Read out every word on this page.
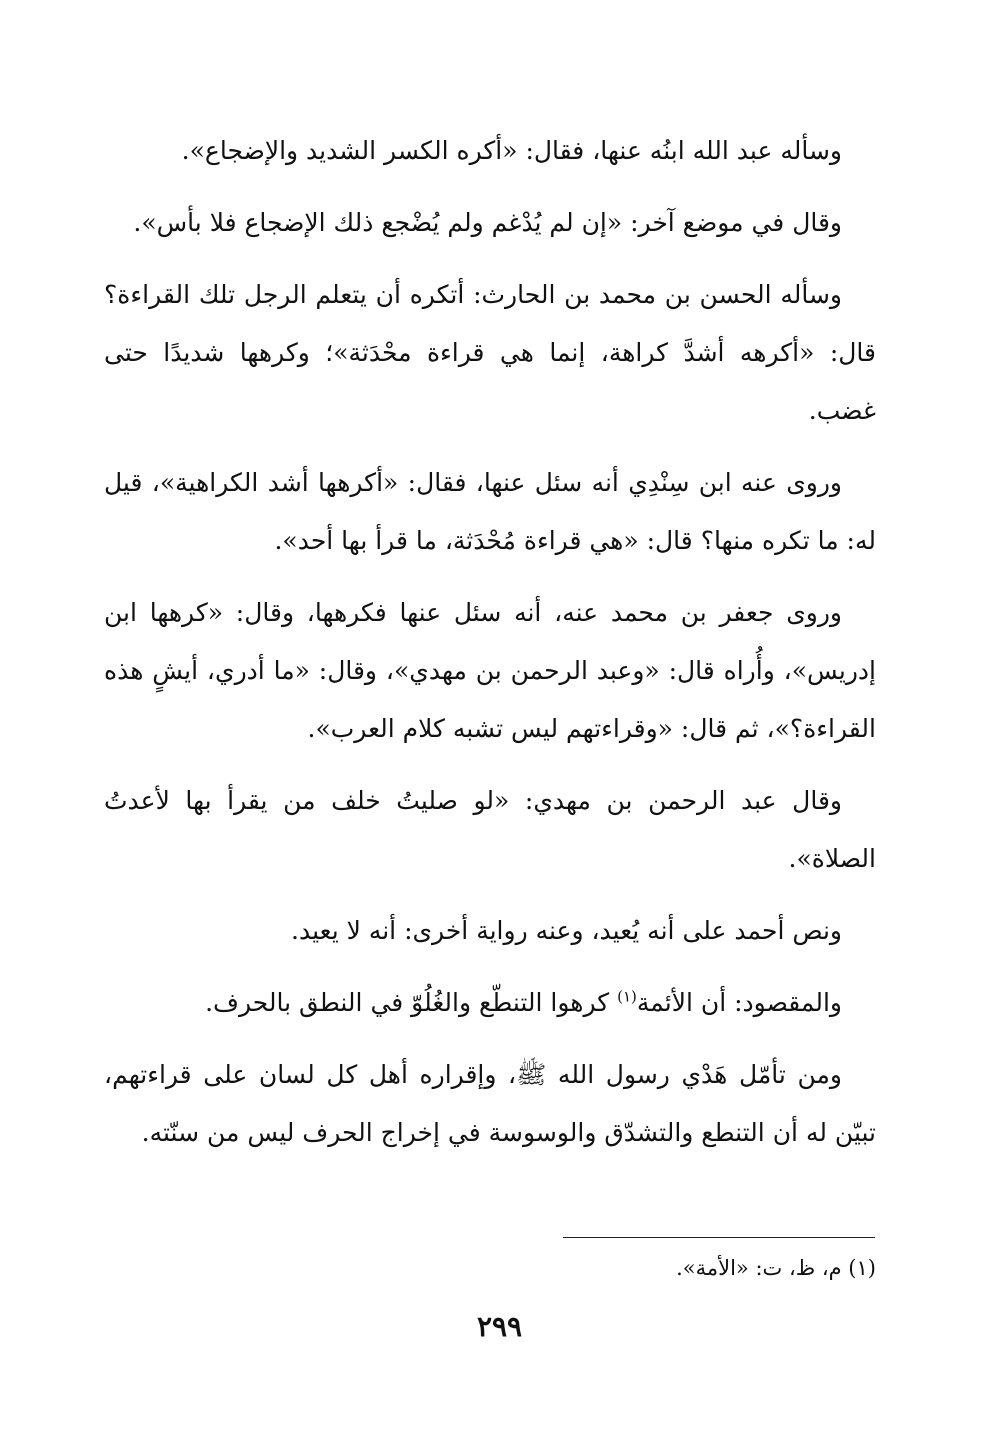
وسأله عبد الله ابنُه عنها، فقال: «أكره الكسر الشديد والإضجاع».

وقال في موضع آخر: «إن لم يُدْغم ولم يُضْجع ذلك الإضجاع فلا بأس».

وسأله الحسن بن محمد بن الحارث: أتكره أن يتعلم الرجل تلك القراءة؟ قال: «أكرهه أشدَّ كراهة، إنما هي قراءة محْدَثة»؛ وكرهها شديدًا حتى غضب.

وروى عنه ابن سِنْدِي أنه سئل عنها، فقال: «أكرهها أشد الكراهية»، قيل له: ما تكره منها؟ قال: «هي قراءة مُحْدَثة، ما قرأ بها أحد».

وروى جعفر بن محمد عنه، أنه سئل عنها فكرهها، وقال: «كرهها ابن إدريس»، وأُراه قال: «وعبد الرحمن بن مهدي»، وقال: «ما أدري، أيشٍ هذه القراءة؟»، ثم قال: «وقراءتهم ليس تشبه كلام العرب».

وقال عبد الرحمن بن مهدي: «لو صليتُ خلف من يقرأ بها لأعدتُ الصلاة».

ونص أحمد على أنه يُعيد، وعنه رواية أخرى: أنه لا يعيد.

والمقصود: أن الأئمة$^{(١)}$ كرهوا التنطّع والغُلُوّ في النطق بالحرف.

ومن تأمّل هَدْي رسول الله ﷺ، وإقراره أهل كل لسان على قراءتهم، تبيّن له أن التنطع والتشدّق والوسوسة في إخراج الحرف ليس من سنّته.

(١) م، ظ، ت: «الأمة».

٢٩٩
